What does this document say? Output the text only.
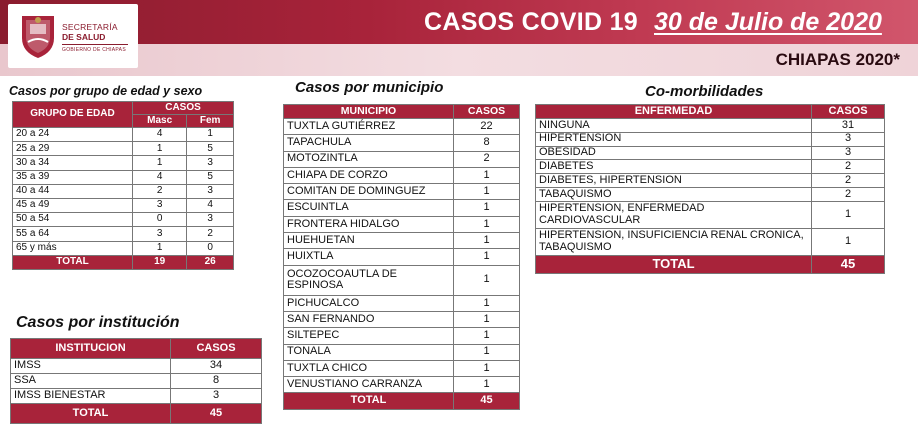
SECRETARÍA
DE SALUD
GOBIERNO DE CHIAPAS
CASOS COVID 19 30 de Julio de 2020
CHIAPAS 2020*
Casos por grupo de edad y sexo
GRUPO DE EDAD	CASOS	
	Masc	Fem
20 a 24	4	1
25 a 29	1	5
30 a 34	1	3
35 a 39	4	5
40 a 44	2	3
45 a 49	3	4
50 a 54	0	3
55 a 64	3	2
65 y más	1	0
TOTAL	19	26
Casos por municipio
MUNICIPIO	CASOS
TUXTLA GUTIÉRREZ	22
TAPACHULA	8
MOTOZINTLA	2
CHIAPA DE CORZO	1
COMITAN DE DOMINGUEZ	1
ESCUINTLA	1
FRONTERA HIDALGO	1
HUEHUETAN	1
HUIXTLA	1
OCOZOCOAUTLA DE ESPINOSA	1
PICHUCALCO	1
SAN FERNANDO	1
SILTEPEC	1
TONALA	1
TUXTLA CHICO	1
VENUSTIANO CARRANZA	1
TOTAL	45
Co-morbilidades
ENFERMEDAD	CASOS
NINGUNA	31
HIPERTENSION	3
OBESIDAD	3
DIABETES	2
DIABETES, HIPERTENSION	2
TABAQUISMO	2
HIPERTENSION, ENFERMEDAD CARDIOVASCULAR	1
HIPERTENSION, INSUFICIENCIA RENAL CRONICA, TABAQUISMO	1
TOTAL	45
Casos por institución
INSTITUCION	CASOS
IMSS	34
SSA	8
IMSS BIENESTAR	3
TOTAL	45
